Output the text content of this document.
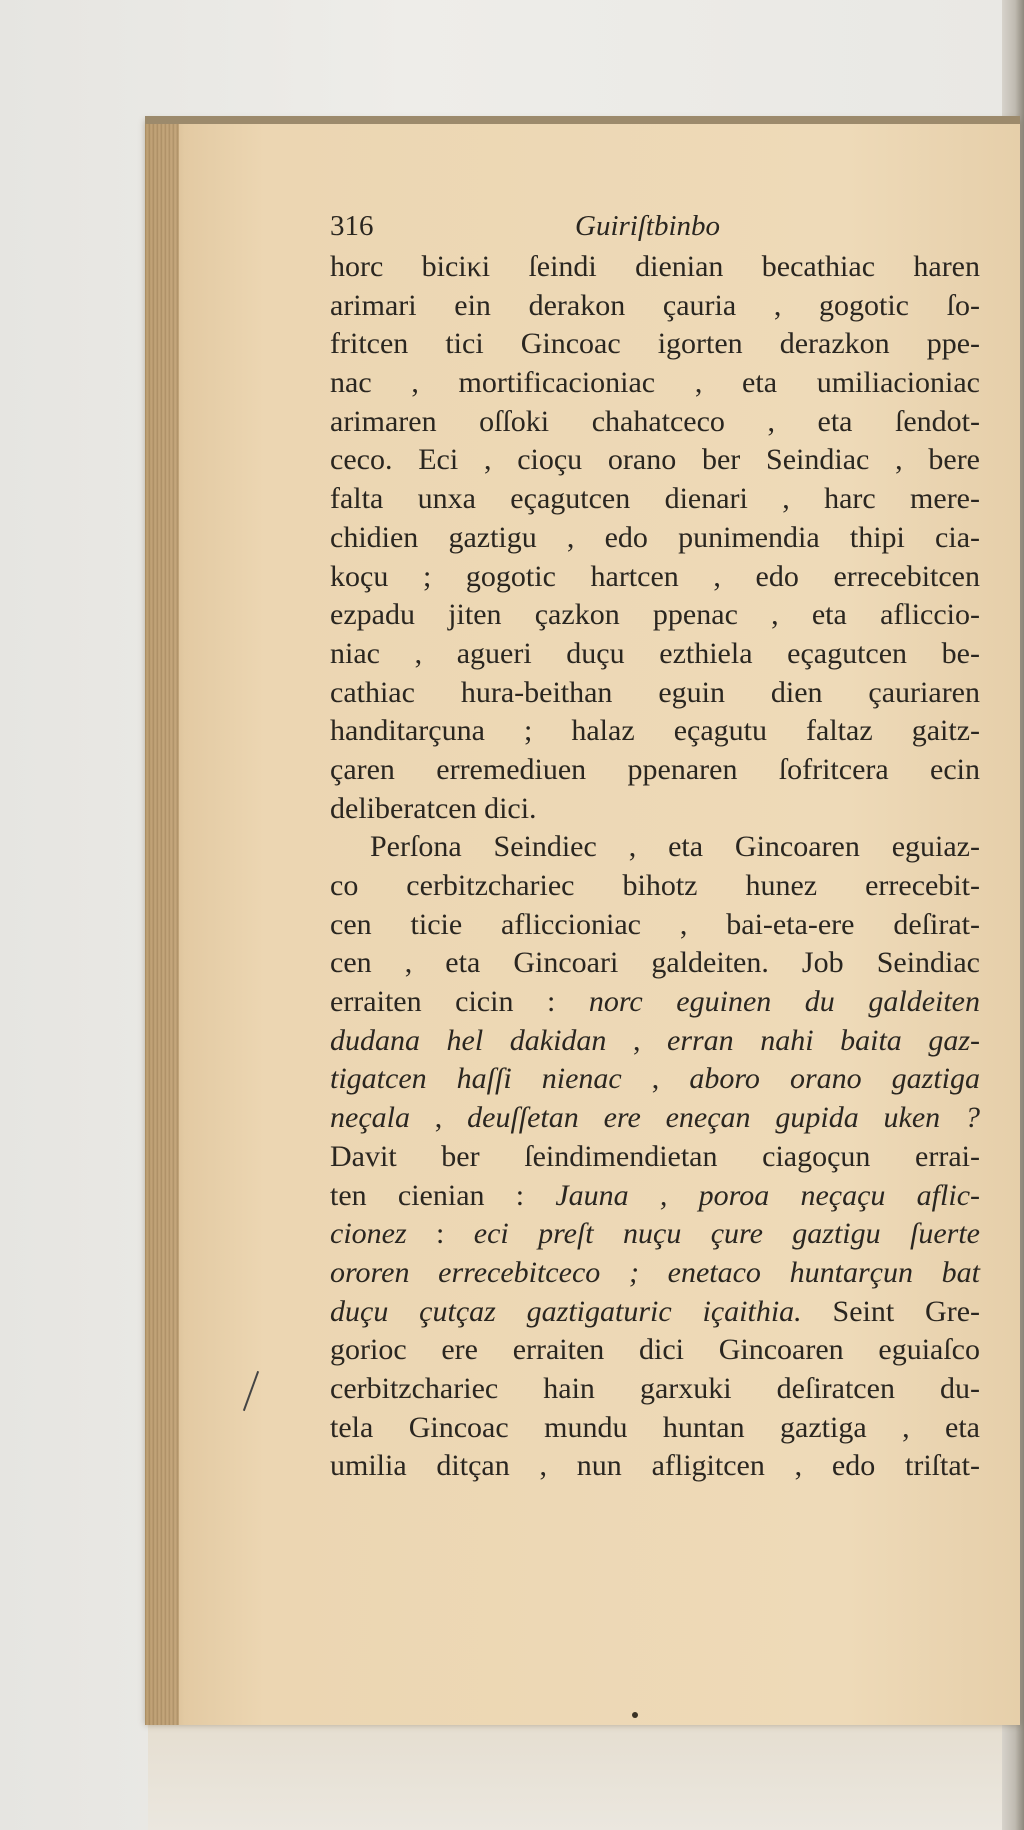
316	Guiriſtbinbo
horc biciκi ſeindi dienian becathiac haren
arimari ein derakon çauria , gogotic ſo-
fritcen tici Gincoac igorten derazkon ppe-
nac , mortificacioniac , eta umiliacioniac
arimaren oſſoki chahatceco , eta ſendot-
ceco. Eci , cioçu orano ber Seindiac , bere
falta unxa eçagutcen dienari , harc mere-
chidien gaztigu , edo punimendia thipi cia-
koçu ; gogotic hartcen , edo errecebitcen
ezpadu jiten çazkon ppenac , eta afliccio-
niac , agueri duçu ezthiela eçagutcen be-
cathiac hura-beithan eguin dien çauriaren
handitarçuna ; halaz eçagutu faltaz gaitz-
çaren erremediuen ppenaren ſofritcera ecin
deliberatcen dici.
Perſona Seindiec , eta Gincoaren eguiaz-
co cerbitzchariec bihotz hunez errecebit-
cen ticie afliccioniac , bai-eta-ere deſirat-
cen , eta Gincoari galdeiten. Job Seindiac
erraiten cicin : norc eguinen du galdeiten
dudana hel dakidan , erran nahi baita gaz-
tigatcen haſſi nienac , aboro orano gaztiga
neçala , deuſſetan ere eneçan gupida uken ?
Davit ber ſeindimendietan ciagoçun errai-
ten cienian : Jauna , poroa neçaçu aflic-
cionez : eci preſt nuçu çure gaztigu ſuerte
ororen errecebitceco ; enetaco huntarçun bat
duçu çutçaz gaztigaturic içaithia. Seint Gre-
gorioc ere erraiten dici Gincoaren eguiaſco
cerbitzchariec hain garxuki deſiratcen du-
tela Gincoac mundu huntan gaztiga , eta
umilia ditçan , nun afligitcen , edo triſtat-
